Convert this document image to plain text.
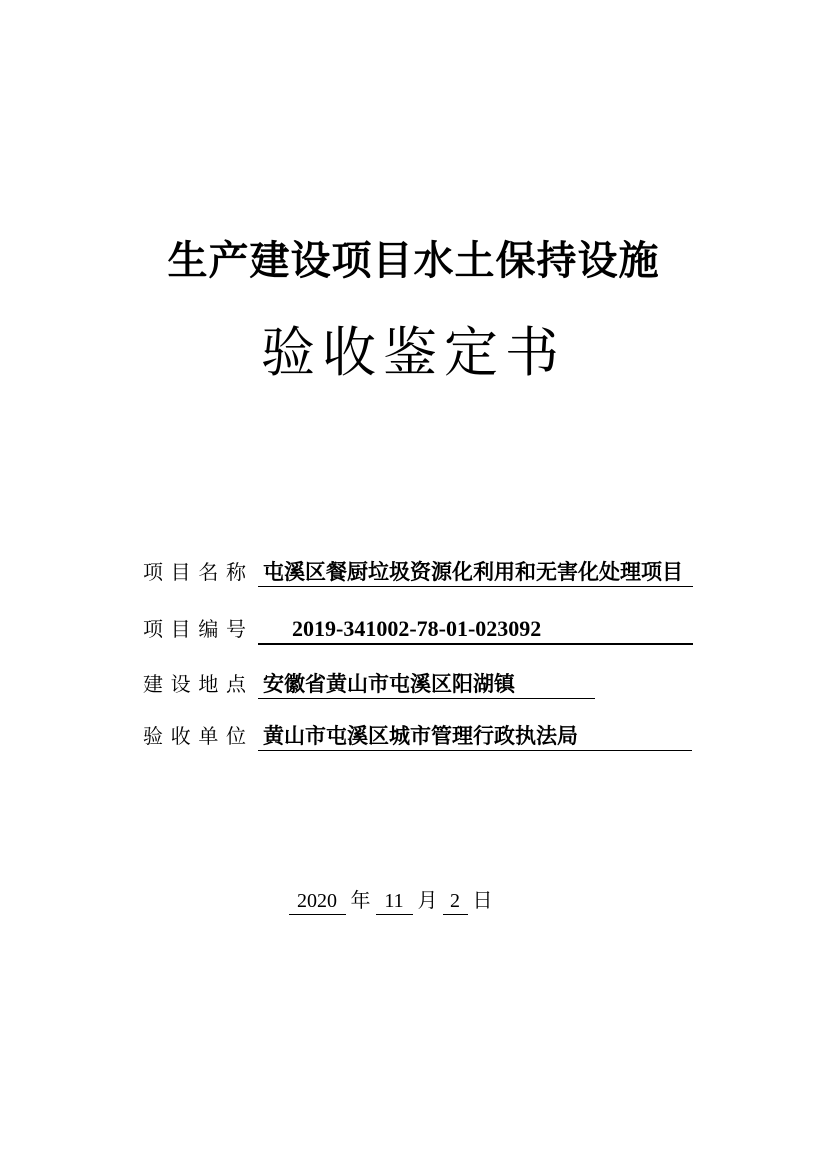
生产建设项目水土保持设施
验收鉴定书
项目名称 屯溪区餐厨垃圾资源化利用和无害化处理项目
项目编号	2019-341002-78-01-023092
建设地点 安徽省黄山市屯溪区阳湖镇
验收单位 黄山市屯溪区城市管理行政执法局
2020 年 11 月 2 日
